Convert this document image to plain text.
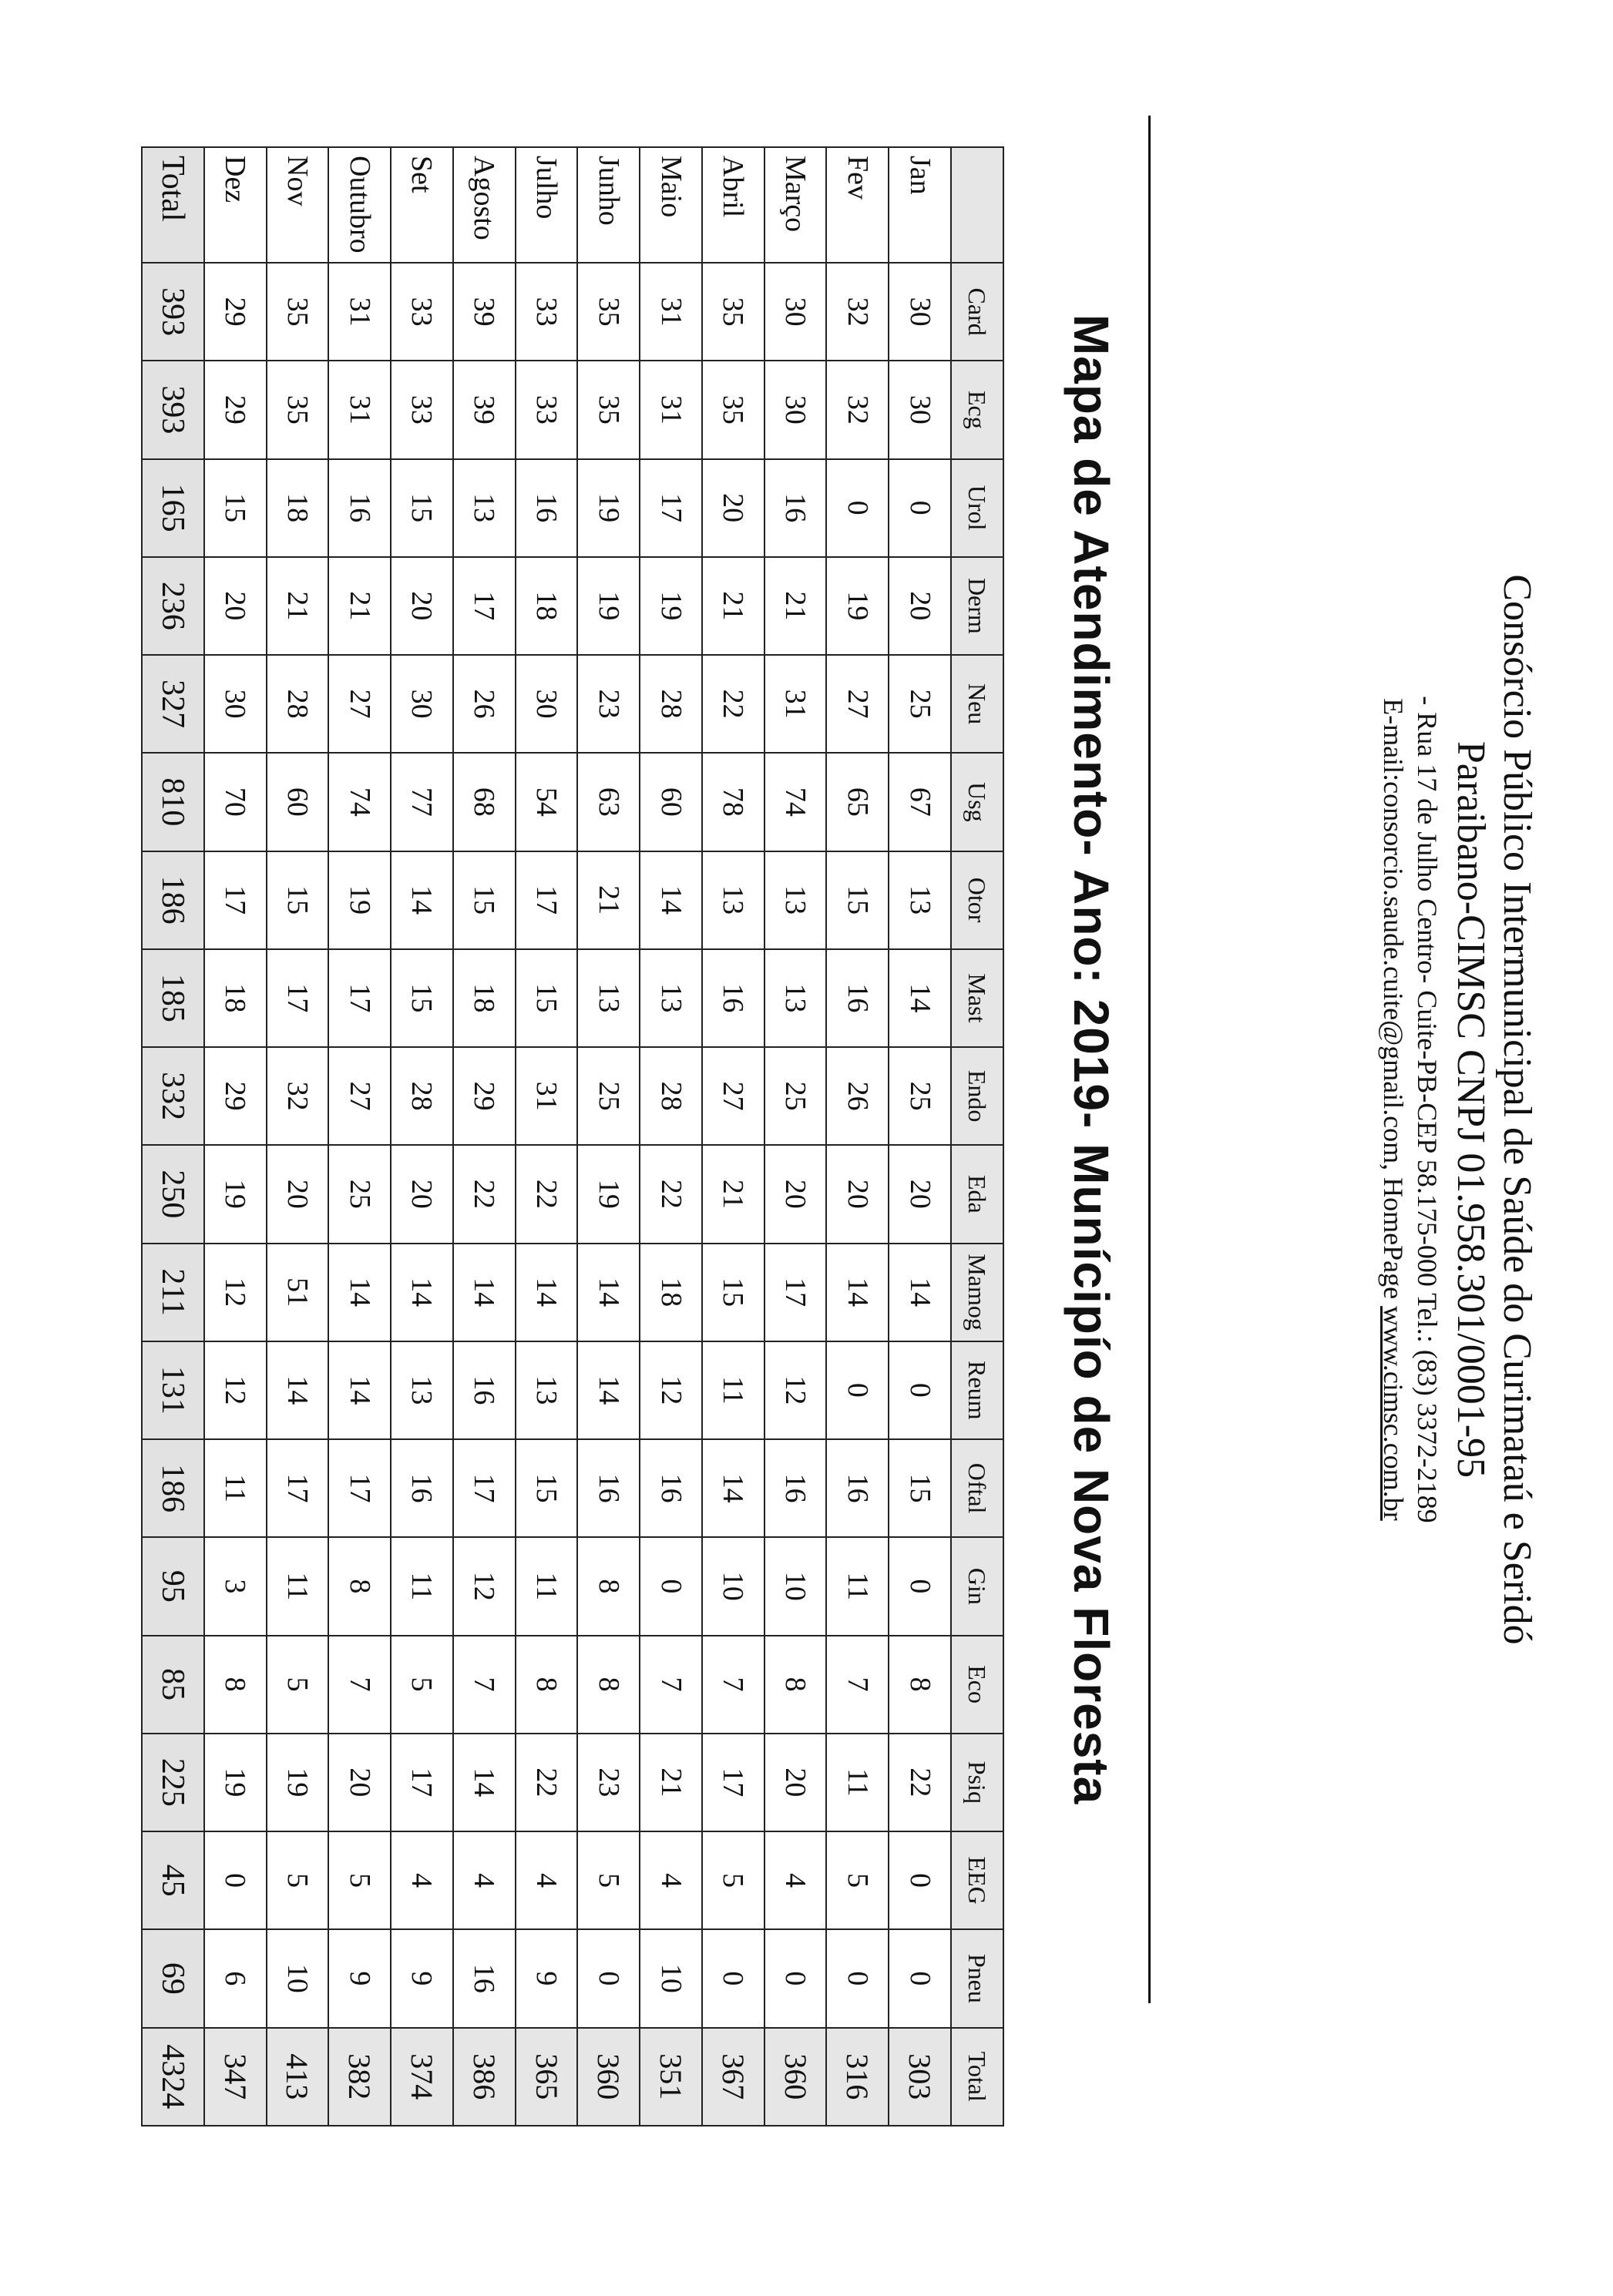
Consórcio Público Intermunicipal de Saúde do Curimataú e Seridó
Paraibano-CIMSC CNPJ 01.958.301/0001-95
- Rua 17 de Julho Centro- Cuite-PB-CEP 58.175-000 Tel.: (83) 3372-2189
E-mail:consorcio.saude.cuite@gmail.com, HomePage www.cimsc.com.br
Mapa de Atendimento- Ano: 2019- Munícipío de Nova Floresta
	Card	Ecg	Urol	Derm	Neu	Usg	Otor	Mast	Endo	Eda	Mamog	Reum	Oftal	Gin	Eco	Psiq	EEG	Pneu	Total
Jan	30	30	0	20	25	67	13	14	25	20	14	0	15	0	8	22	0	0	303
Fev	32	32	0	19	27	65	15	16	26	20	14	0	16	11	7	11	5	0	316
Março	30	30	16	21	31	74	13	13	25	20	17	12	16	10	8	20	4	0	360
Abril	35	35	20	21	22	78	13	16	27	21	15	11	14	10	7	17	5	0	367
Maio	31	31	17	19	28	60	14	13	28	22	18	12	16	0	7	21	4	10	351
Junho	35	35	19	19	23	63	21	13	25	19	14	14	16	8	8	23	5	0	360
Julho	33	33	16	18	30	54	17	15	31	22	14	13	15	11	8	22	4	9	365
Agosto	39	39	13	17	26	68	15	18	29	22	14	16	17	12	7	14	4	16	386
Set	33	33	15	20	30	77	14	15	28	20	14	13	16	11	5	17	4	9	374
Outubro	31	31	16	21	27	74	19	17	27	25	14	14	17	8	7	20	5	9	382
Nov	35	35	18	21	28	60	15	17	32	20	51	14	17	11	5	19	5	10	413
Dez	29	29	15	20	30	70	17	18	29	19	12	12	11	3	8	19	0	6	347
Total	393	393	165	236	327	810	186	185	332	250	211	131	186	95	85	225	45	69	4324
